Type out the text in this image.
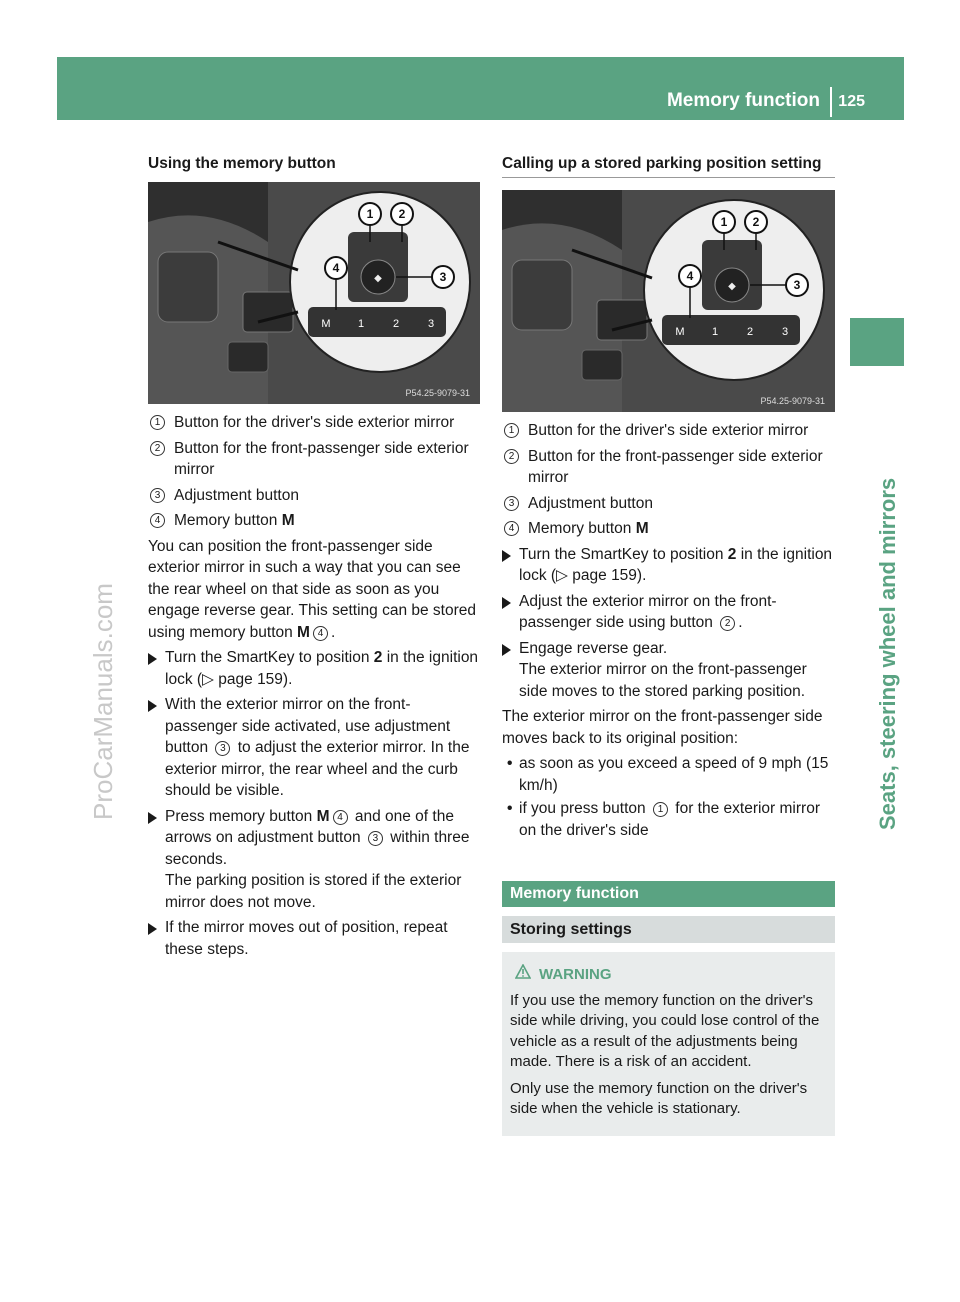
Memory function 125
Seats, steering wheel and mirrors
ProCarManuals.com
Using the memory button
◆
M 1	2	3
1 2
3
4
P54.25-9079-31
1 Button for the driver's side exterior mirror
2 Button for the front-passenger side exterior mirror
3 Adjustment button
4 Memory button M

You can position the front-passenger side exterior mirror in such a way that you can see the rear wheel on that side as soon as you engage reverse gear. This setting can be stored using memory button M 4 .

Turn the SmartKey to position 2 in the ignition lock (▷ page 159).
With the exterior mirror on the front-passenger side activated, use adjustment button 3 to adjust the exterior mirror. In the exterior mirror, the rear wheel and the curb should be visible.
Press memory button M 4 and one of the arrows on adjustment button 3 within three seconds.
The parking position is stored if the exterior mirror does not move.
If the mirror moves out of position, repeat these steps.
Calling up a stored parking position setting
◆
M 1	2	3
1 2
3
4
P54.25-9079-31
1 Button for the driver's side exterior mirror
2 Button for the front-passenger side exterior mirror
3 Adjustment button
4 Memory button M
Turn the SmartKey to position 2 in the ignition lock (▷ page 159).
Adjust the exterior mirror on the front-passenger side using button 2 .
Engage reverse gear.
The exterior mirror on the front-passenger side moves to the stored parking position.

The exterior mirror on the front-passenger side moves back to its original position:

• as soon as you exceed a speed of 9 mph (15 km/h)
• if you press button 1 for the exterior mirror on the driver's side
Memory function
Storing settings
WARNING

If you use the memory function on the driver's side while driving, you could lose control of the vehicle as a result of the adjustments being made. There is a risk of an accident.

Only use the memory function on the driver's side when the vehicle is stationary.
